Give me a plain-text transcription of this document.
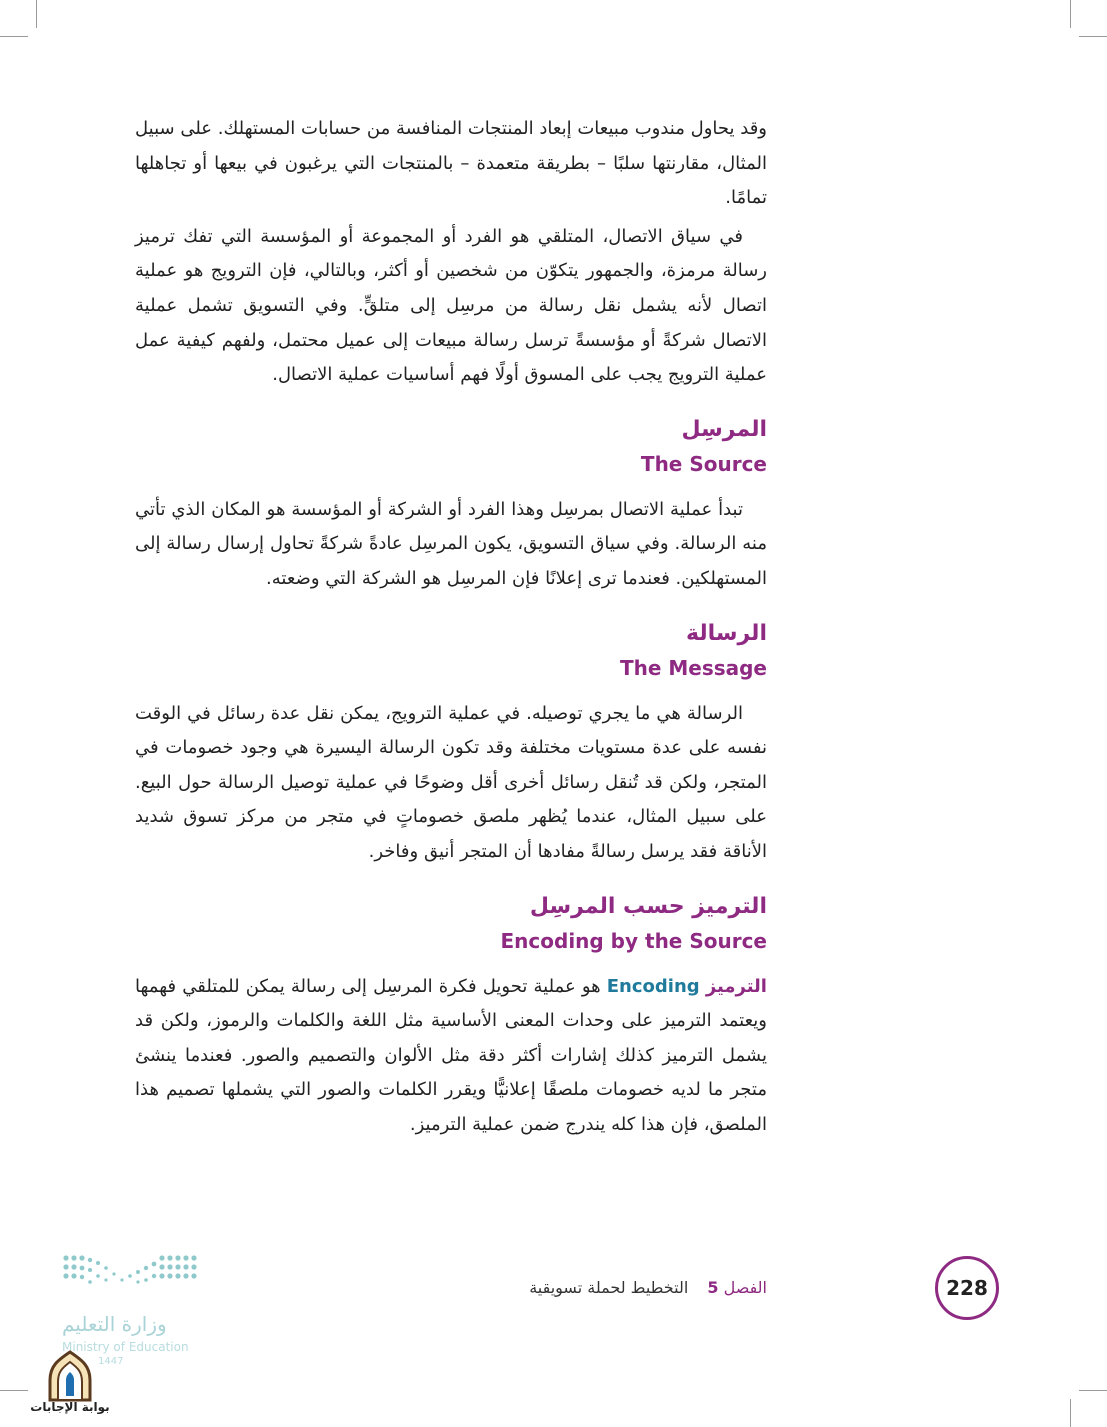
وقد يحاول مندوب مبيعات إبعاد المنتجات المنافسة من حسابات المستهلك. على سبيل المثال، مقارنتها سلبًا – بطريقة متعمدة – بالمنتجات التي يرغبون في بيعها أو تجاهلها تمامًا.

في سياق الاتصال، المتلقي هو الفرد أو المجموعة أو المؤسسة التي تفك ترميز رسالة مرمزة، والجمهور يتكوّن من شخصين أو أكثر، وبالتالي، فإن الترويج هو عملية اتصال لأنه يشمل نقل رسالة من مرسِل إلى متلقٍّ. وفي التسويق تشمل عملية الاتصال شركةً أو مؤسسةً ترسل رسالة مبيعات إلى عميل محتمل، ولفهم كيفية عمل عملية الترويج يجب على المسوق أولًا فهم أساسيات عملية الاتصال.

المرسِل
The Source

تبدأ عملية الاتصال بمرسِل وهذا الفرد أو الشركة أو المؤسسة هو المكان الذي تأتي منه الرسالة. وفي سياق التسويق، يكون المرسِل عادةً شركةً تحاول إرسال رسالة إلى المستهلكين. فعندما ترى إعلانًا فإن المرسِل هو الشركة التي وضعته.

الرسالة
The Message

الرسالة هي ما يجري توصيله. في عملية الترويج، يمكن نقل عدة رسائل في الوقت نفسه على عدة مستويات مختلفة وقد تكون الرسالة اليسيرة هي وجود خصومات في المتجر، ولكن قد تُنقل رسائل أخرى أقل وضوحًا في عملية توصيل الرسالة حول البيع. على سبيل المثال، عندما يُظهر ملصق خصوماتٍ في متجر من مركز تسوق شديد الأناقة فقد يرسل رسالةً مفادها أن المتجر أنيق وفاخر.

الترميز حسب المرسِل
Encoding by the Source

الترميز Encoding هو عملية تحويل فكرة المرسِل إلى رسالة يمكن للمتلقي فهمها ويعتمد الترميز على وحدات المعنى الأساسية مثل اللغة والكلمات والرموز، ولكن قد يشمل الترميز كذلك إشارات أكثر دقة مثل الألوان والتصميم والصور. فعندما ينشئ متجر ما لديه خصومات ملصقًا إعلانيًّا ويقرر الكلمات والصور التي يشملها تصميم هذا الملصق، فإن هذا كله يندرج ضمن عملية الترميز.

الفصل 5 التخطيط لحملة تسويقية	228
وزارة التعليم
Ministry of Education
1447
بوابة الإجابات
